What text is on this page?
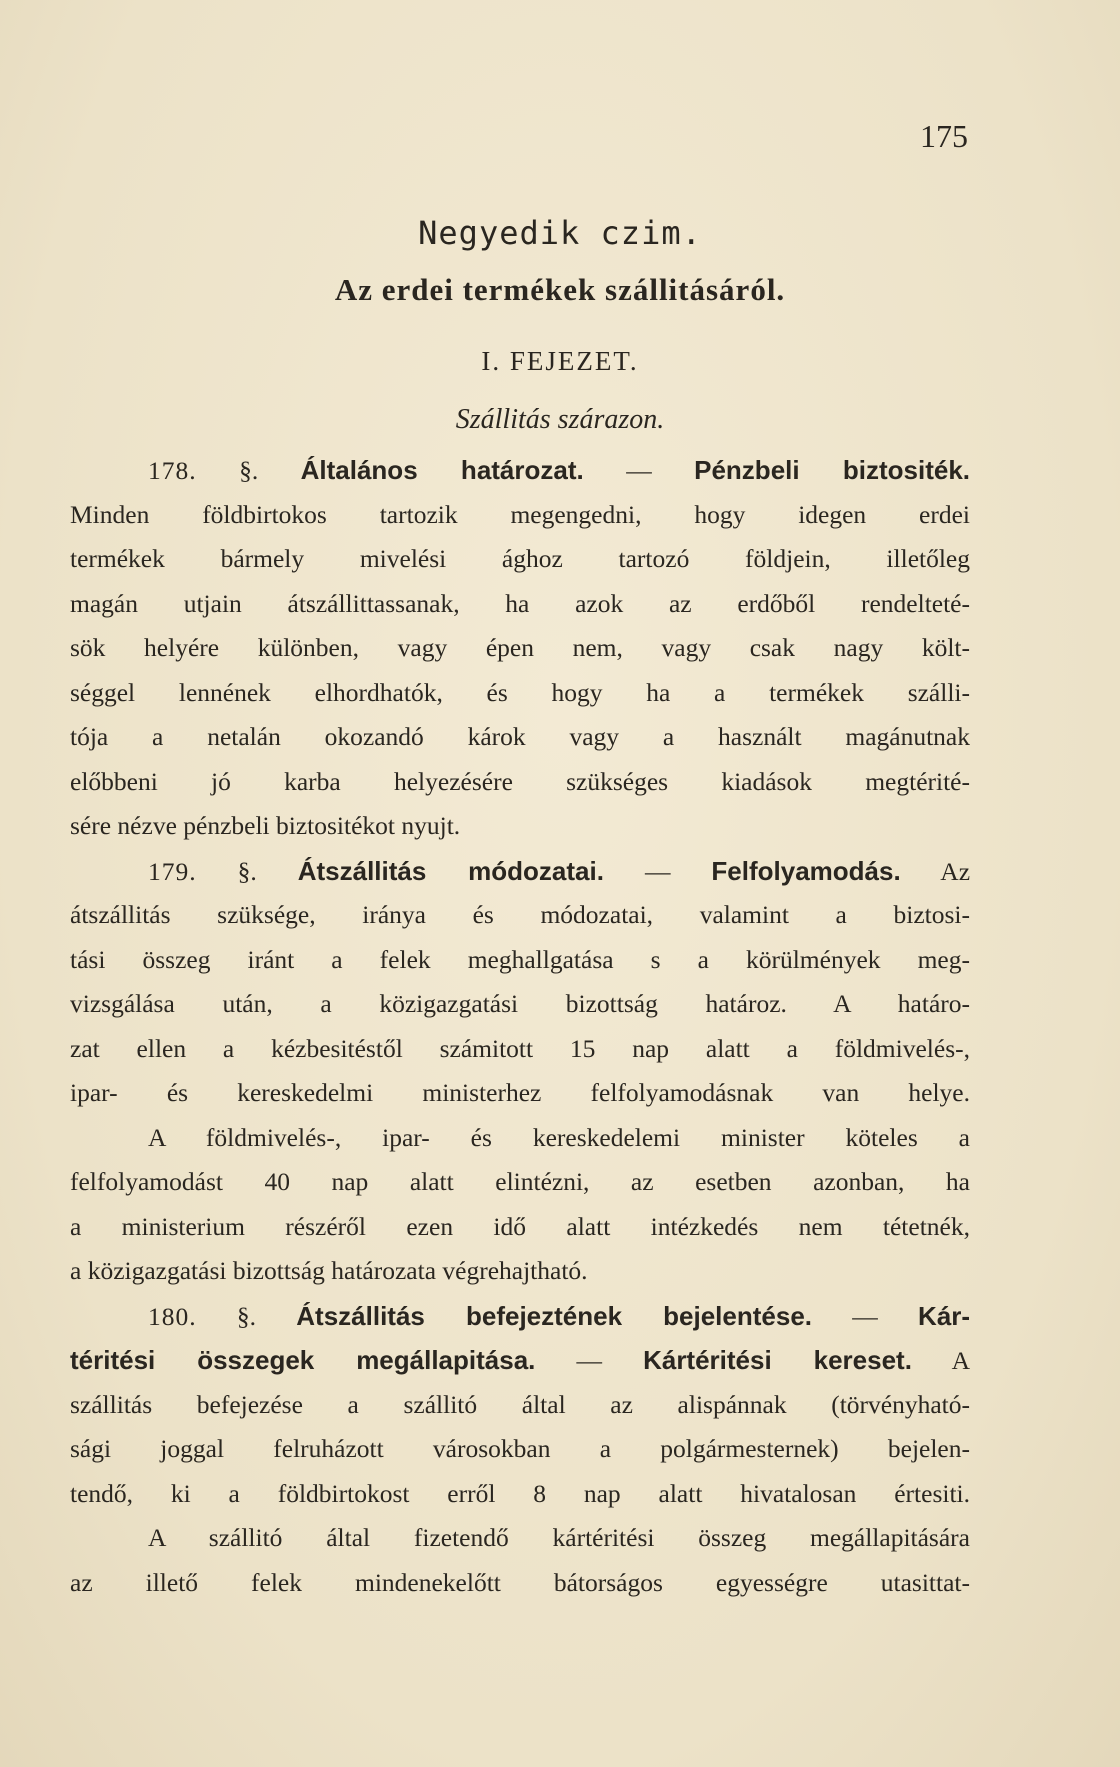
175
Negyedik czim.
Az erdei termékek szállitásáról.
I. FEJEZET.
Szállitás szárazon.
178. §. Általános határozat. — Pénzbeli biztositék.
Minden földbirtokos tartozik megengedni, hogy idegen erdei
termékek bármely mivelési ághoz tartozó földjein, illetőleg
magán utjain átszállittassanak, ha azok az erdőből rendelteté-
sök helyére különben, vagy épen nem, vagy csak nagy költ-
séggel lennének elhordhatók, és hogy ha a termékek szálli-
tója a netalán okozandó károk vagy a használt magánutnak
előbbeni jó karba helyezésére szükséges kiadások megtérité-
sére nézve pénzbeli biztositékot nyujt.
179. §. Átszállitás módozatai. — Felfolyamodás. Az
átszállitás szüksége, iránya és módozatai, valamint a biztosi-
tási összeg iránt a felek meghallgatása s a körülmények meg-
vizsgálása után, a közigazgatási bizottság határoz. A határo-
zat ellen a kézbesitéstől számitott 15 nap alatt a földmivelés-,
ipar- és kereskedelmi ministerhez felfolyamodásnak van helye.
A földmivelés-, ipar- és kereskedelemi minister köteles a
felfolyamodást 40 nap alatt elintézni, az esetben azonban, ha
a ministerium részéről ezen idő alatt intézkedés nem tétetnék,
a közigazgatási bizottság határozata végrehajtható.
180. §. Átszállitás befejeztének bejelentése. — Kár-
téritési összegek megállapitása. — Kártéritési kereset. A
szállitás befejezése a szállitó által az alispánnak (törvényható-
sági joggal felruházott városokban a polgármesternek) bejelen-
tendő, ki a földbirtokost erről 8 nap alatt hivatalosan értesiti.
A szállitó által fizetendő kártéritési összeg megállapitására
az illető felek mindenekelőtt bátorságos egyességre utasittat-
